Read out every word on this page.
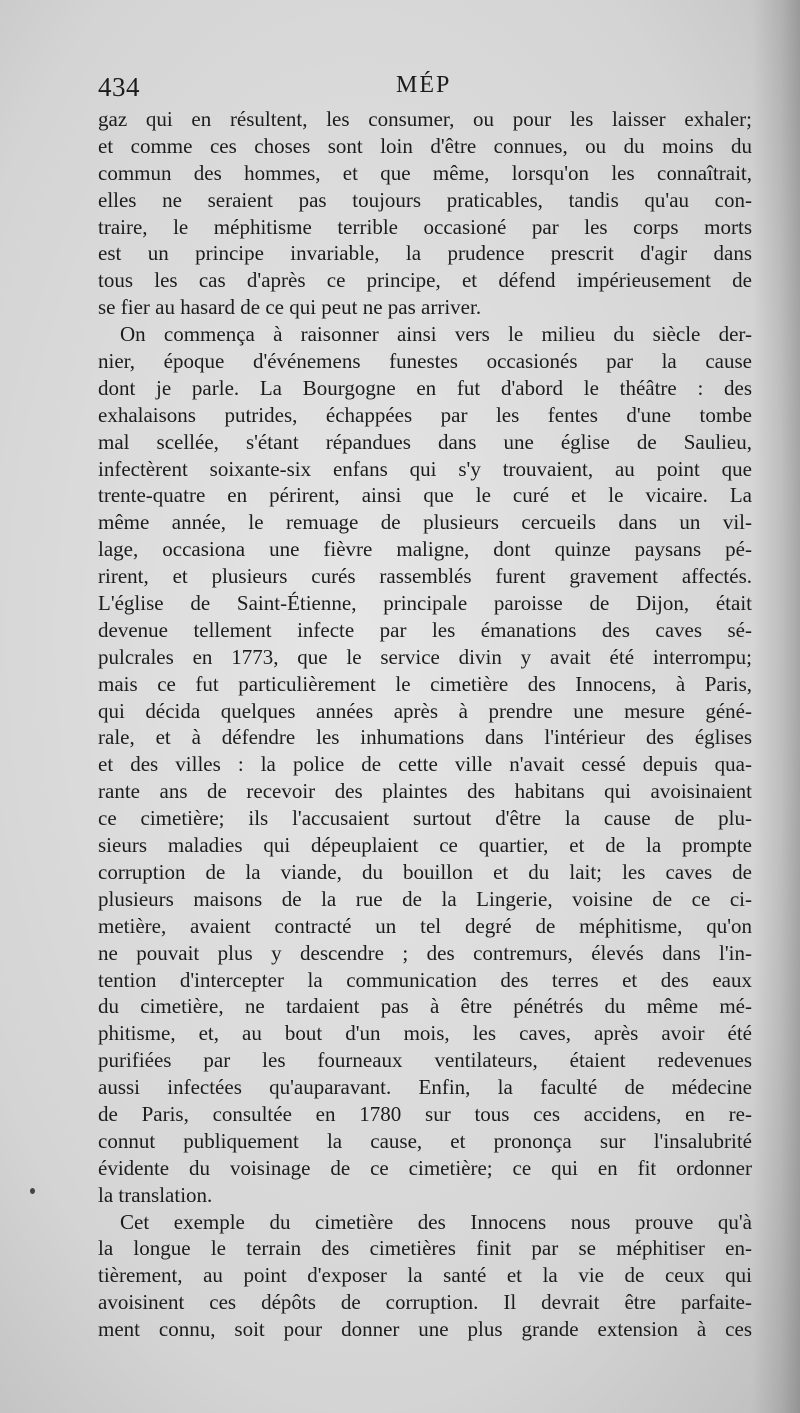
434	MÉP
gaz qui en résultent, les consumer, ou pour les laisser exhaler;
et comme ces choses sont loin d'être connues, ou du moins du
commun des hommes, et que même, lorsqu'on les connaîtrait,
elles ne seraient pas toujours praticables, tandis qu'au con-
traire, le méphitisme terrible occasioné par les corps morts
est un principe invariable, la prudence prescrit d'agir dans
tous les cas d'après ce principe, et défend impérieusement de
se fier au hasard de ce qui peut ne pas arriver.
On commença à raisonner ainsi vers le milieu du siècle der-
nier, époque d'événemens funestes occasionés par la cause
dont je parle. La Bourgogne en fut d'abord le théâtre : des
exhalaisons putrides, échappées par les fentes d'une tombe
mal scellée, s'étant répandues dans une église de Saulieu,
infectèrent soixante-six enfans qui s'y trouvaient, au point que
trente-quatre en périrent, ainsi que le curé et le vicaire. La
même année, le remuage de plusieurs cercueils dans un vil-
lage, occasiona une fièvre maligne, dont quinze paysans pé-
rirent, et plusieurs curés rassemblés furent gravement affectés.
L'église de Saint-Étienne, principale paroisse de Dijon, était
devenue tellement infecte par les émanations des caves sé-
pulcrales en 1773, que le service divin y avait été interrompu;
mais ce fut particulièrement le cimetière des Innocens, à Paris,
qui décida quelques années après à prendre une mesure géné-
rale, et à défendre les inhumations dans l'intérieur des églises
et des villes : la police de cette ville n'avait cessé depuis qua-
rante ans de recevoir des plaintes des habitans qui avoisinaient
ce cimetière; ils l'accusaient surtout d'être la cause de plu-
sieurs maladies qui dépeuplaient ce quartier, et de la prompte
corruption de la viande, du bouillon et du lait; les caves de
plusieurs maisons de la rue de la Lingerie, voisine de ce ci-
metière, avaient contracté un tel degré de méphitisme, qu'on
ne pouvait plus y descendre ; des contremurs, élevés dans l'in-
tention d'intercepter la communication des terres et des eaux
du cimetière, ne tardaient pas à être pénétrés du même mé-
phitisme, et, au bout d'un mois, les caves, après avoir été
purifiées par les fourneaux ventilateurs, étaient redevenues
aussi infectées qu'auparavant. Enfin, la faculté de médecine
de Paris, consultée en 1780 sur tous ces accidens, en re-
connut publiquement la cause, et prononça sur l'insalubrité
évidente du voisinage de ce cimetière; ce qui en fit ordonner
la translation.
Cet exemple du cimetière des Innocens nous prouve qu'à
la longue le terrain des cimetières finit par se méphitiser en-
tièrement, au point d'exposer la santé et la vie de ceux qui
avoisinent ces dépôts de corruption. Il devrait être parfaite-
ment connu, soit pour donner une plus grande extension à ces
